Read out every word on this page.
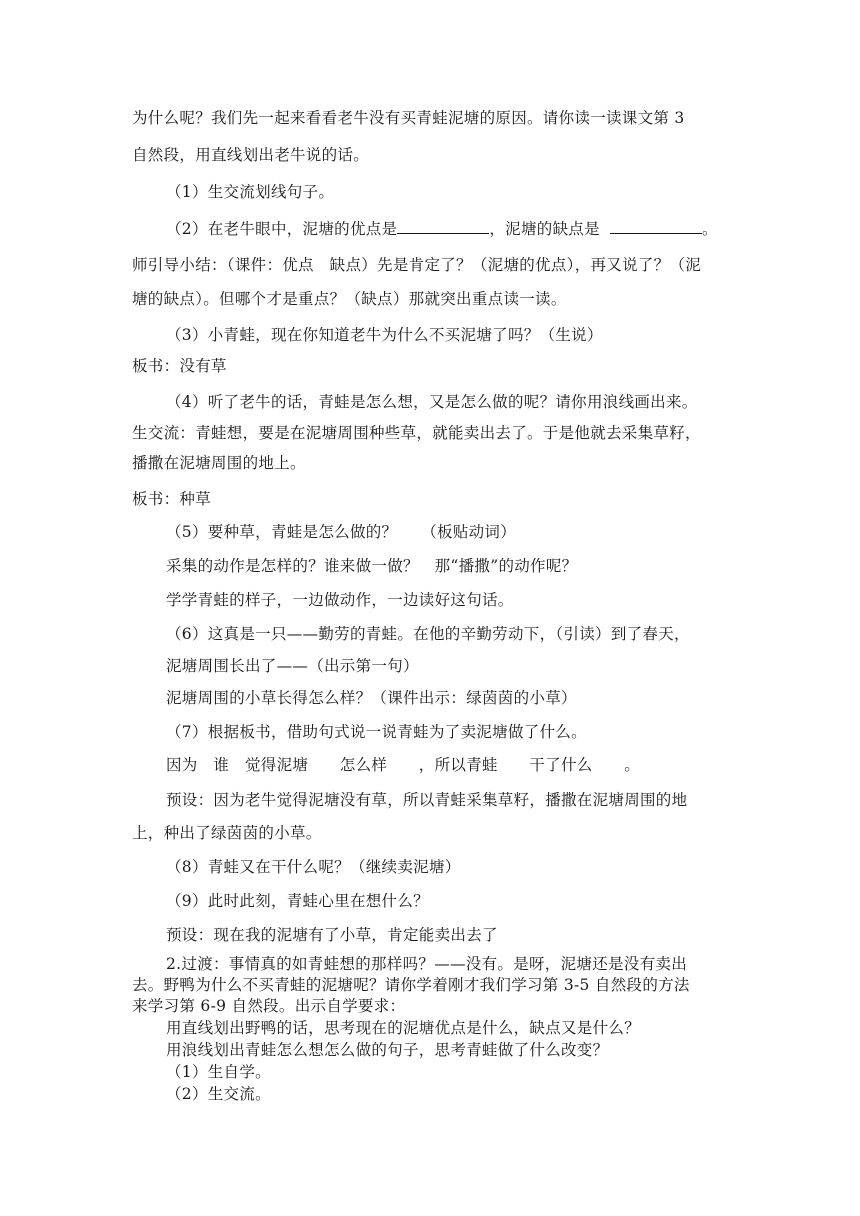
为什么呢？我们先一起来看看老牛没有买青蛙泥塘的原因。请你读一读课文第 3
自然段，用直线划出老牛说的话。
（1）生交流划线句子。
（2）在老牛眼中，泥塘的优点是	，泥塘的缺点是	。
师引导小结：（课件：优点　缺点）先是肯定了？（泥塘的优点），再又说了？（泥
塘的缺点）。但哪个才是重点？（缺点）那就突出重点读一读。
（3）小青蛙，现在你知道老牛为什么不买泥塘了吗？（生说）
板书：没有草
（4）听了老牛的话，青蛙是怎么想，又是怎么做的呢？请你用浪线画出来。
生交流：青蛙想，要是在泥塘周围种些草，就能卖出去了。于是他就去采集草籽，
播撒在泥塘周围的地上。
板书：种草
（5）要种草，青蛙是怎么做的？　　（板贴动词）
采集的动作是怎样的？谁来做一做？　那“播撒”的动作呢？
学学青蛙的样子，一边做动作，一边读好这句话。
（6）这真是一只——勤劳的青蛙。在他的辛勤劳动下，（引读）到了春天，
泥塘周围长出了——（出示第一句）
泥塘周围的小草长得怎么样？（课件出示：绿茵茵的小草）
（7）根据板书，借助句式说一说青蛙为了卖泥塘做了什么。
因为　谁　觉得泥塘　　怎么样　　，所以青蛙　　干了什么　　。
预设：因为老牛觉得泥塘没有草，所以青蛙采集草籽，播撒在泥塘周围的地
上，种出了绿茵茵的小草。
（8）青蛙又在干什么呢？（继续卖泥塘）
（9）此时此刻，青蛙心里在想什么？
预设：现在我的泥塘有了小草，肯定能卖出去了
2.过渡：事情真的如青蛙想的那样吗？——没有。是呀，泥塘还是没有卖出
去。野鸭为什么不买青蛙的泥塘呢？请你学着刚才我们学习第 3-5 自然段的方法
来学习第 6-9 自然段。出示自学要求：
用直线划出野鸭的话，思考现在的泥塘优点是什么，缺点又是什么？
用浪线划出青蛙怎么想怎么做的句子，思考青蛙做了什么改变？
（1）生自学。
（2）生交流。
